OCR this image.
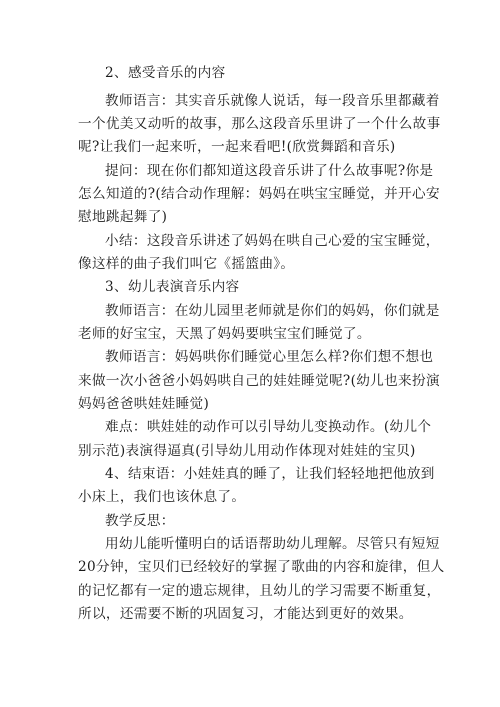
2、感受音乐的内容
教师语言：其实音乐就像人说话，每一段音乐里都藏着
一个优美又动听的故事，那么这段音乐里讲了一个什么故事
呢?让我们一起来听，一起来看吧!(欣赏舞蹈和音乐)
提问：现在你们都知道这段音乐讲了什么故事呢?你是
怎么知道的?(结合动作理解：妈妈在哄宝宝睡觉，并开心安
慰地跳起舞了)
小结：这段音乐讲述了妈妈在哄自己心爱的宝宝睡觉，
像这样的曲子我们叫它《摇篮曲》。
3、幼儿表演音乐内容
教师语言：在幼儿园里老师就是你们的妈妈，你们就是
老师的好宝宝，天黑了妈妈要哄宝宝们睡觉了。
教师语言：妈妈哄你们睡觉心里怎么样?你们想不想也
来做一次小爸爸小妈妈哄自己的娃娃睡觉呢?(幼儿也来扮演
妈妈爸爸哄娃娃睡觉)
难点：哄娃娃的动作可以引导幼儿变换动作。(幼儿个
别示范)表演得逼真(引导幼儿用动作体现对娃娃的宝贝)
4、结束语：小娃娃真的睡了，让我们轻轻地把他放到
小床上，我们也该休息了。
教学反思：
用幼儿能听懂明白的话语帮助幼儿理解。尽管只有短短
20分钟，宝贝们已经较好的掌握了歌曲的内容和旋律，但人
的记忆都有一定的遗忘规律，且幼儿的学习需要不断重复，
所以，还需要不断的巩固复习，才能达到更好的效果。
